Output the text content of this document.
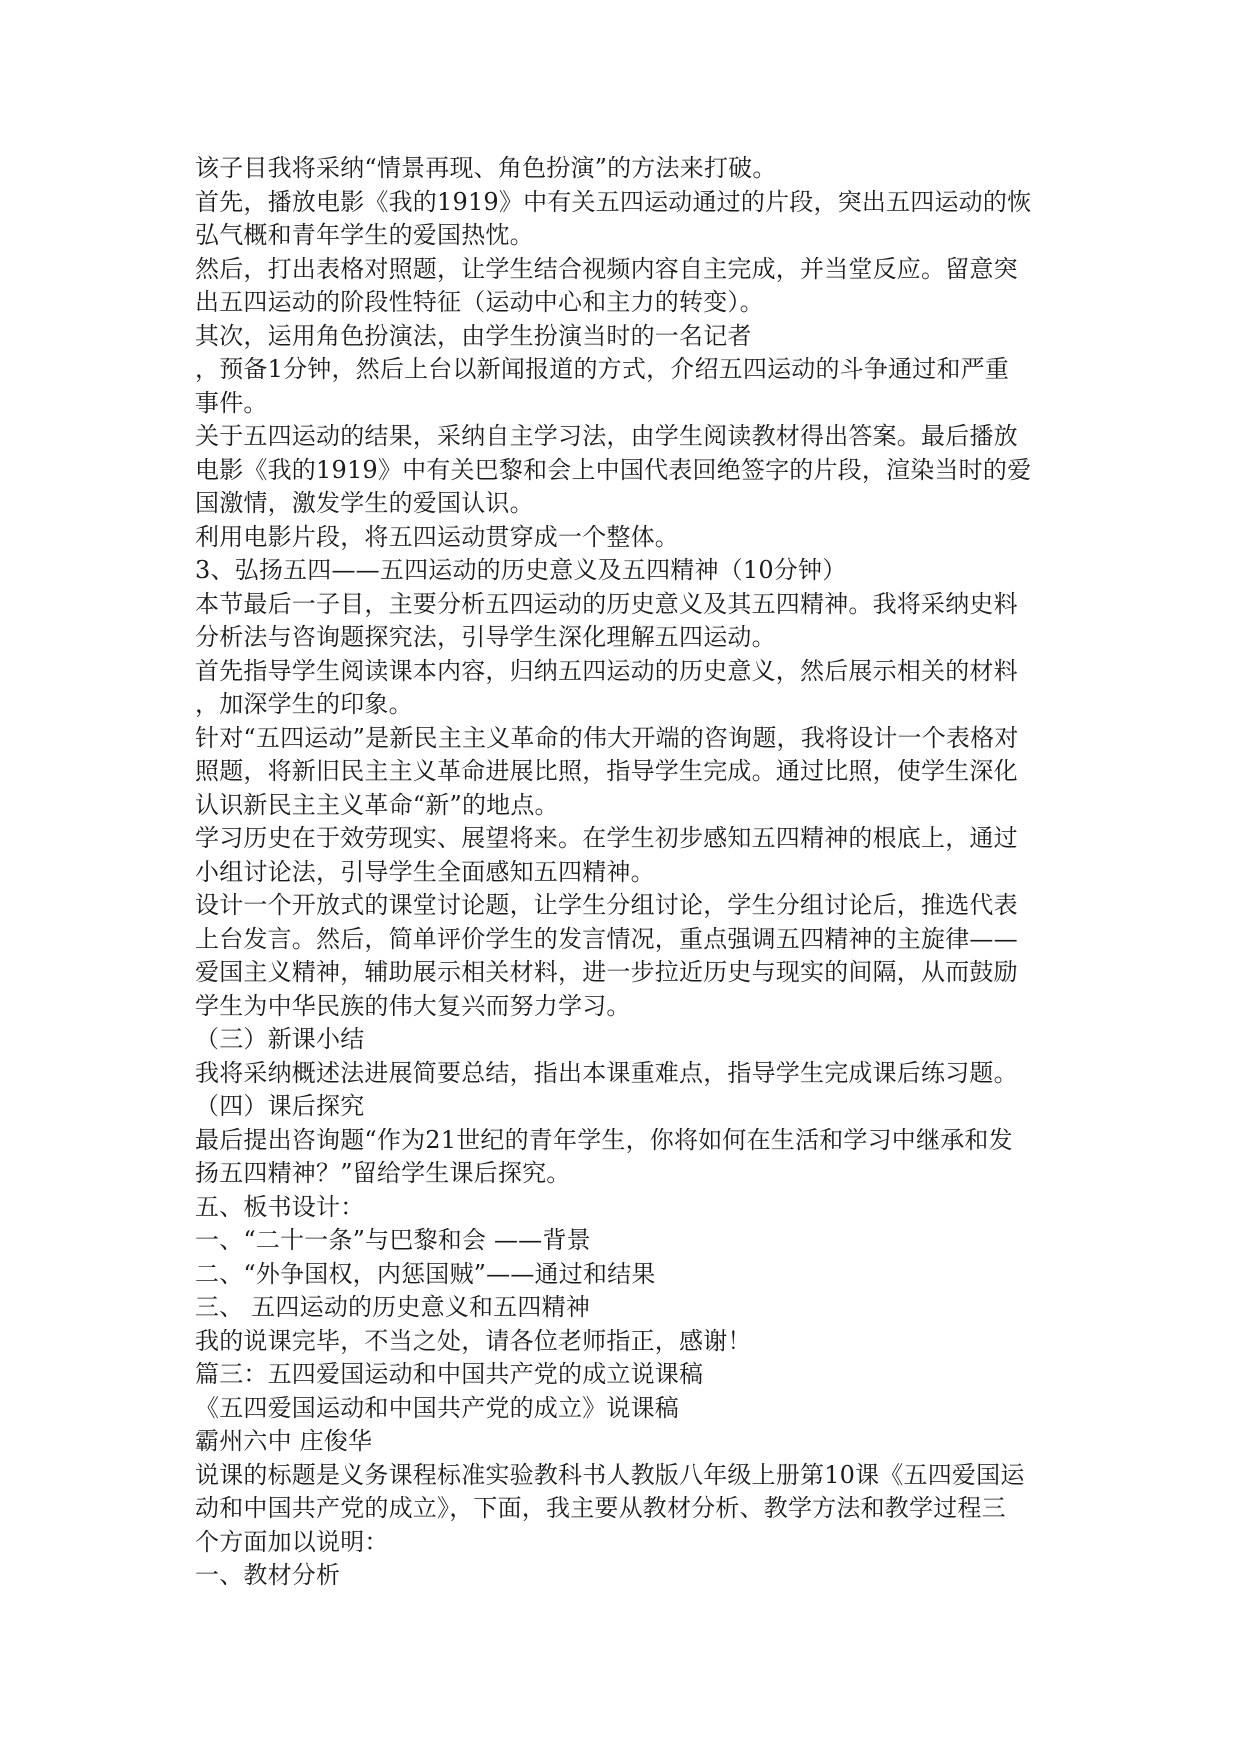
该子目我将采纳“情景再现、角色扮演”的方法来打破。
首先，播放电影《我的1919》中有关五四运动通过的片段，突出五四运动的恢
弘气概和青年学生的爱国热忱。
然后，打出表格对照题，让学生结合视频内容自主完成，并当堂反应。留意突
出五四运动的阶段性特征（运动中心和主力的转变）。
其次，运用角色扮演法，由学生扮演当时的一名记者
，预备1分钟，然后上台以新闻报道的方式，介绍五四运动的斗争通过和严重
事件。
关于五四运动的结果，采纳自主学习法，由学生阅读教材得出答案。最后播放
电影《我的1919》中有关巴黎和会上中国代表回绝签字的片段，渲染当时的爱
国激情，激发学生的爱国认识。
利用电影片段，将五四运动贯穿成一个整体。
3、弘扬五四——五四运动的历史意义及五四精神（10分钟）
本节最后一子目，主要分析五四运动的历史意义及其五四精神。我将采纳史料
分析法与咨询题探究法，引导学生深化理解五四运动。
首先指导学生阅读课本内容，归纳五四运动的历史意义，然后展示相关的材料
，加深学生的印象。
针对“五四运动”是新民主主义革命的伟大开端的咨询题，我将设计一个表格对
照题，将新旧民主主义革命进展比照，指导学生完成。通过比照，使学生深化
认识新民主主义革命“新”的地点。
学习历史在于效劳现实、展望将来。在学生初步感知五四精神的根底上，通过
小组讨论法，引导学生全面感知五四精神。
设计一个开放式的课堂讨论题，让学生分组讨论，学生分组讨论后，推选代表
上台发言。然后，简单评价学生的发言情况，重点强调五四精神的主旋律——
爱国主义精神，辅助展示相关材料，进一步拉近历史与现实的间隔，从而鼓励
学生为中华民族的伟大复兴而努力学习。
（三）新课小结
我将采纳概述法进展简要总结，指出本课重难点，指导学生完成课后练习题。
（四）课后探究
最后提出咨询题“作为21世纪的青年学生，你将如何在生活和学习中继承和发
扬五四精神？”留给学生课后探究。
五、板书设计：
一、“二十一条”与巴黎和会 ——背景
二、“外争国权，内惩国贼”——通过和结果
三、 五四运动的历史意义和五四精神
我的说课完毕，不当之处，请各位老师指正，感谢！
篇三：五四爱国运动和中国共产党的成立说课稿
《五四爱国运动和中国共产党的成立》说课稿
霸州六中 庄俊华
说课的标题是义务课程标准实验教科书人教版八年级上册第10课《五四爱国运
动和中国共产党的成立》，下面，我主要从教材分析、教学方法和教学过程三
个方面加以说明：
一、教材分析
